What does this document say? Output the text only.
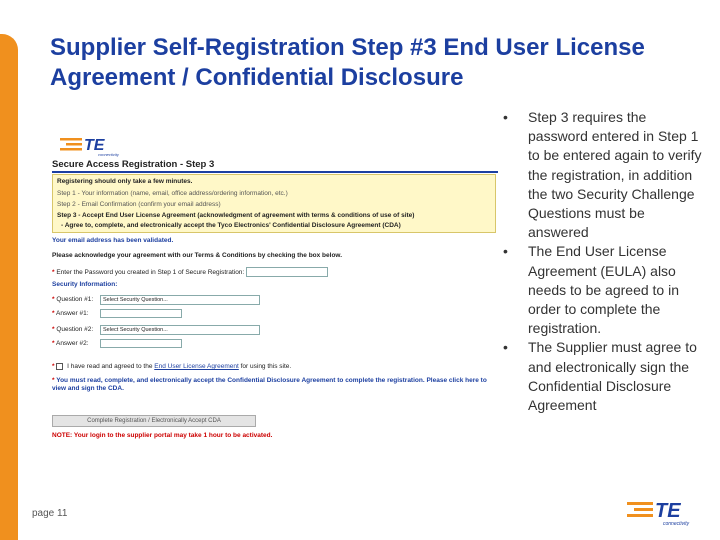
Supplier Self-Registration Step #3 End User License Agreement / Confidential Disclosure
TE
connectivity
Secure Access Registration - Step 3
Registering should only take a few minutes.
Step 1 - Your information (name, email, office address/ordering information, etc.)
Step 2 - Email Confirmation (confirm your email address)
Step 3 - Accept End User License Agreement (acknowledgment of agreement with terms & conditions of use of site)
- Agree to, complete, and electronically accept the Tyco Electronics' Confidential Disclosure Agreement (CDA)
Your email address has been validated.
Please acknowledge your agreement with our Terms & Conditions by checking the box below.
* Enter the Password you created in Step 1 of Secure Registration:
Security Information:
* Question #1:	Select Security Question...
* Answer #1:
* Question #2:	Select Security Question...
* Answer #2:
* I have read and agreed to the End User License Agreement for using this site.
* You must read, complete, and electronically accept the Confidential Disclosure Agreement to complete the registration. Please click here to view and sign the CDA.
Complete Registration / Electronically Accept CDA
NOTE: Your login to the supplier portal may take 1 hour to be activated.
• Step 3 requires the password entered in Step 1 to be entered again to verify the registration, in addition the two Security Challenge Questions must be answered
• The End User License Agreement (EULA) also needs to be agreed to in order to complete the registration.
• The Supplier must agree to and electronically sign the Confidential Disclosure Agreement
page 11	TE
connectivity
